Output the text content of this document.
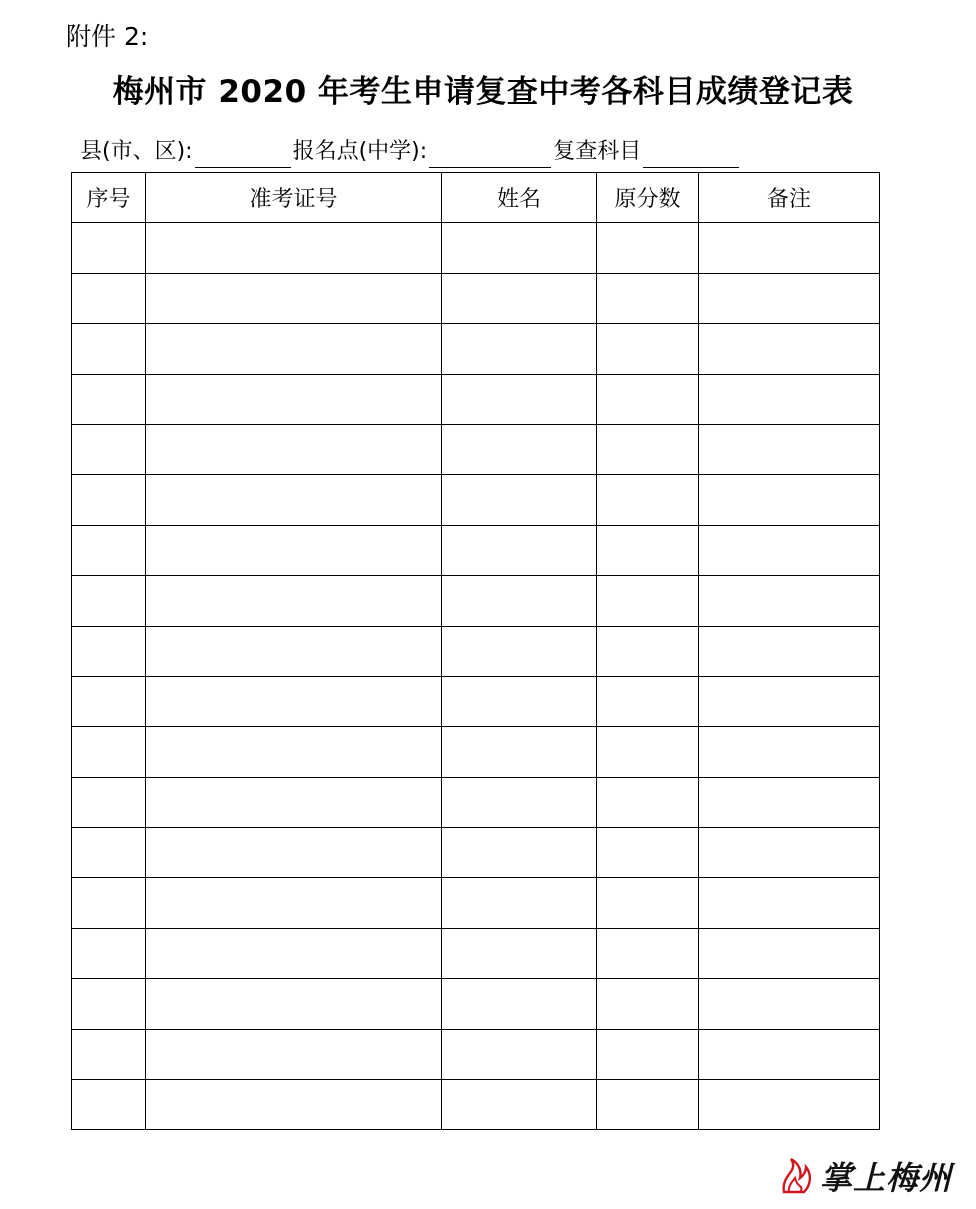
附件 2:
梅州市 2020 年考生申请复查中考各科目成绩登记表
县(市、区):	报名点(中学):	复查科目
序号	准考证号	姓名	原分数	备注

掌上梅州
